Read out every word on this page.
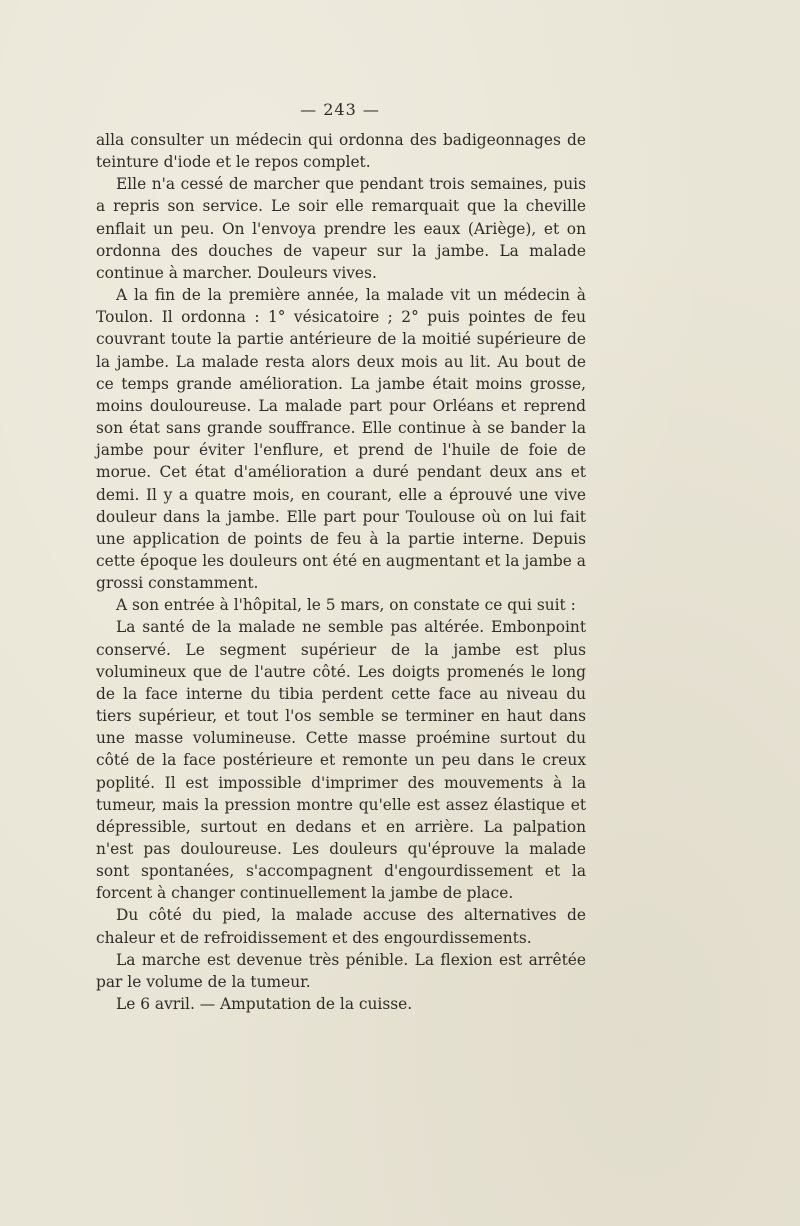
— 243 —

alla consulter un médecin qui ordonna des badigeonnages de teinture d'iode et le repos complet.

Elle n'a cessé de marcher que pendant trois semaines, puis a repris son service. Le soir elle remarquait que la cheville enflait un peu. On l'envoya prendre les eaux (Ariège), et on ordonna des douches de vapeur sur la jambe. La malade continue à marcher. Douleurs vives.

A la fin de la première année, la malade vit un médecin à Toulon. Il ordonna : 1° vésicatoire ; 2° puis pointes de feu couvrant toute la partie antérieure de la moitié supérieure de la jambe. La malade resta alors deux mois au lit. Au bout de ce temps grande amélioration. La jambe était moins grosse, moins douloureuse. La malade part pour Orléans et reprend son état sans grande souffrance. Elle continue à se bander la jambe pour éviter l'enflure, et prend de l'huile de foie de morue. Cet état d'amélioration a duré pendant deux ans et demi. Il y a quatre mois, en courant, elle a éprouvé une vive douleur dans la jambe. Elle part pour Toulouse où on lui fait une application de points de feu à la partie interne. Depuis cette époque les douleurs ont été en augmentant et la jambe a grossi constamment.

A son entrée à l'hôpital, le 5 mars, on constate ce qui suit :

La santé de la malade ne semble pas altérée. Embonpoint conservé. Le segment supérieur de la jambe est plus volumineux que de l'autre côté. Les doigts promenés le long de la face interne du tibia perdent cette face au niveau du tiers supérieur, et tout l'os semble se terminer en haut dans une masse volumineuse. Cette masse proémine surtout du côté de la face postérieure et remonte un peu dans le creux poplité. Il est impossible d'imprimer des mouvements à la tumeur, mais la pression montre qu'elle est assez élastique et dépressible, surtout en dedans et en arrière. La palpation n'est pas douloureuse. Les douleurs qu'éprouve la malade sont spontanées, s'accompagnent d'engourdissement et la forcent à changer continuellement la jambe de place.

Du côté du pied, la malade accuse des alternatives de chaleur et de refroidissement et des engourdissements.

La marche est devenue très pénible. La flexion est arrêtée par le volume de la tumeur.

Le 6 avril. — Amputation de la cuisse.
